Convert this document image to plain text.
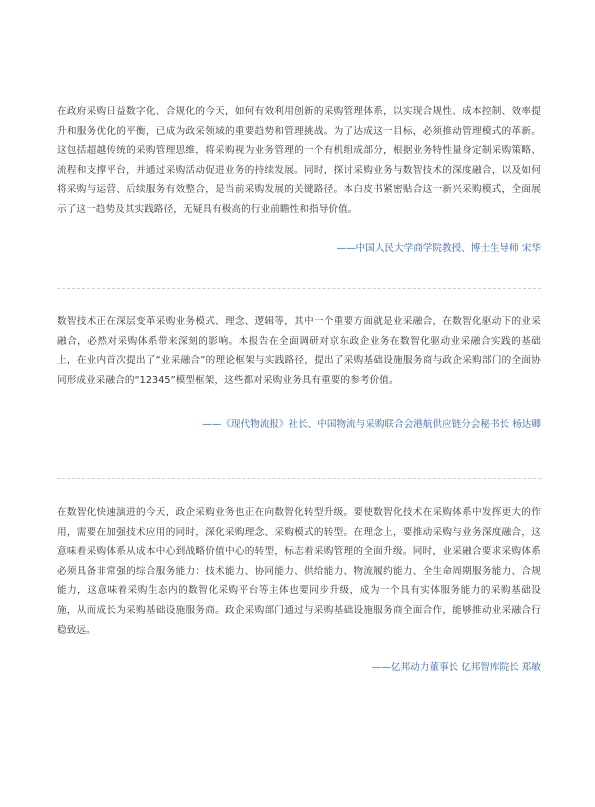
在政府采购日益数字化、合规化的今天，如何有效利用创新的采购管理体系，以实现合规性、成本控制、效率提升和服务优化的平衡，已成为政采领域的重要趋势和管理挑战。为了达成这一目标，必须推动管理模式的革新。这包括超越传统的采购管理思维，将采购视为业务管理的一个有机组成部分，根据业务特性量身定制采购策略、流程和支撑平台，并通过采购活动促进业务的持续发展。同时，探讨采购业务与数智技术的深度融合，以及如何将采购与运营、后续服务有效整合，是当前采购发展的关键路径。本白皮书紧密贴合这一新兴采购模式，全面展示了这一趋势及其实践路径，无疑具有极高的行业前瞻性和指导价值。

——中国人民大学商学院教授、博士生导师 宋华

数智技术正在深层变革采购业务模式、理念、逻辑等，其中一个重要方面就是业采融合，在数智化驱动下的业采融合，必然对采购体系带来深刻的影响。本报告在全面调研对京东政企业务在数智化驱动业采融合实践的基础上，在业内首次提出了“业采融合”的理论框架与实践路径，提出了采购基础设施服务商与政企采购部门的全面协同形成业采融合的“12345”模型框架，这些都对采购业务具有重要的参考价值。

——《现代物流报》社长、中国物流与采购联合会港航供应链分会秘书长 杨达卿

在数智化快速演进的今天，政企采购业务也正在向数智化转型升级。要使数智化技术在采购体系中发挥更大的作用，需要在加强技术应用的同时，深化采购理念、采购模式的转型。在理念上，要推动采购与业务深度融合，这意味着采购体系从成本中心到战略价值中心的转型，标志着采购管理的全面升级。同时，业采融合要求采购体系必须具备非常强的综合服务能力：技术能力、协同能力、供给能力、物流履约能力、全生命周期服务能力、合规能力，这意味着采购生态内的数智化采购平台等主体也要同步升级，成为一个具有实体服务能力的采购基础设施，从而成长为采购基础设施服务商。政企采购部门通过与采购基础设施服务商全面合作，能够推动业采融合行稳致远。

——亿邦动力董事长 亿邦智库院长 郑敏
